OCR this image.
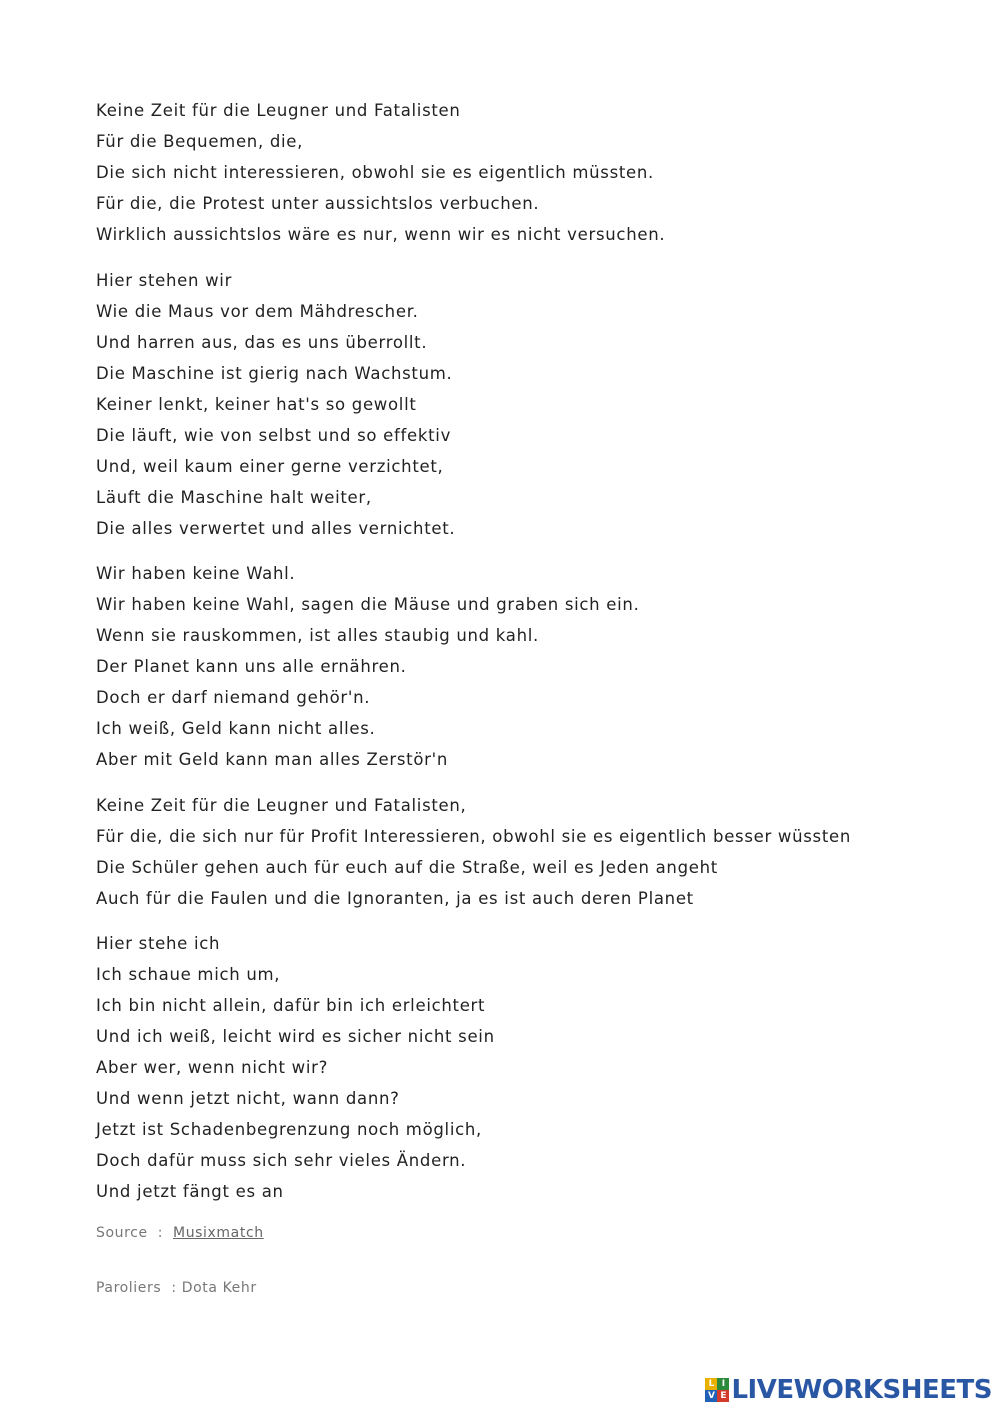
Keine Zeit für die Leugner und Fatalisten
Für die Bequemen, die,
Die sich nicht interessieren, obwohl sie es eigentlich müssten.
Für die, die Protest unter aussichtslos verbuchen.
Wirklich aussichtslos wäre es nur, wenn wir es nicht versuchen.
Hier stehen wir
Wie die Maus vor dem Mähdrescher.
Und harren aus, das es uns überrollt.
Die Maschine ist gierig nach Wachstum.
Keiner lenkt, keiner hat's so gewollt
Die läuft, wie von selbst und so effektiv
Und, weil kaum einer gerne verzichtet,
Läuft die Maschine halt weiter,
Die alles verwertet und alles vernichtet.
Wir haben keine Wahl.
Wir haben keine Wahl, sagen die Mäuse und graben sich ein.
Wenn sie rauskommen, ist alles staubig und kahl.
Der Planet kann uns alle ernähren.
Doch er darf niemand gehör'n.
Ich weiß, Geld kann nicht alles.
Aber mit Geld kann man alles Zerstör'n
Keine Zeit für die Leugner und Fatalisten,
Für die, die sich nur für Profit Interessieren, obwohl sie es eigentlich besser wüssten
Die Schüler gehen auch für euch auf die Straße, weil es Jeden angeht
Auch für die Faulen und die Ignoranten, ja es ist auch deren Planet
Hier stehe ich
Ich schaue mich um,
Ich bin nicht allein, dafür bin ich erleichtert
Und ich weiß, leicht wird es sicher nicht sein
Aber wer, wenn nicht wir?
Und wenn jetzt nicht, wann dann?
Jetzt ist Schadenbegrenzung noch möglich,
Doch dafür muss sich sehr vieles Ändern.
Und jetzt fängt es an
Source : Musixmatch
Paroliers : Dota Kehr
L I
V E LIVEWORKSHEETS
